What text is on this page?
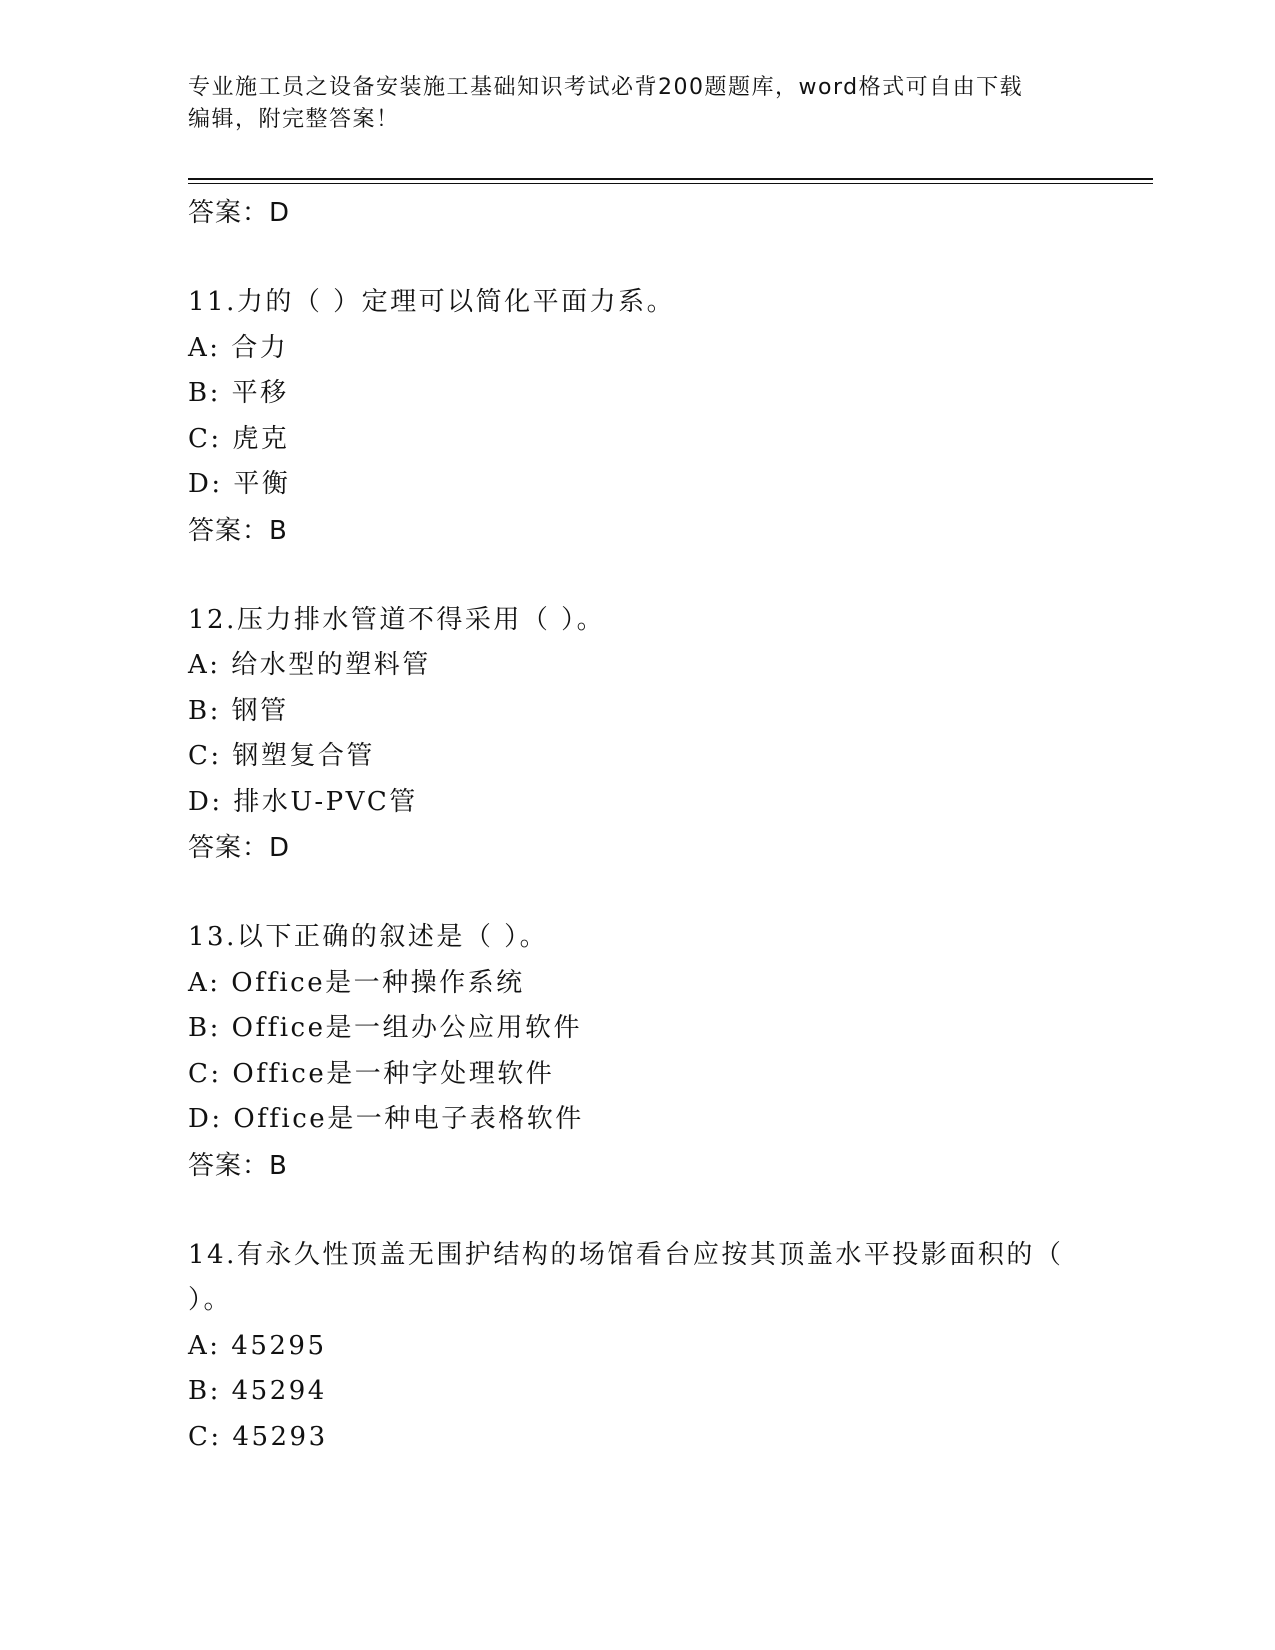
专业施工员之设备安装施工基础知识考试必背200题题库，word格式可自由下载
编辑，附完整答案！
答案：D
11.力的（ ）定理可以简化平面力系。
A: 合力
B: 平移
C: 虎克
D: 平衡
答案：B
12.压力排水管道不得采用（ ）。
A: 给水型的塑料管
B: 钢管
C: 钢塑复合管
D: 排水U-PVC管
答案：D
13.以下正确的叙述是（ ）。
A: Office是一种操作系统
B: Office是一组办公应用软件
C: Office是一种字处理软件
D: Office是一种电子表格软件
答案：B
14.有永久性顶盖无围护结构的场馆看台应按其顶盖水平投影面积的（ ）。
A: 45295
B: 45294
C: 45293
